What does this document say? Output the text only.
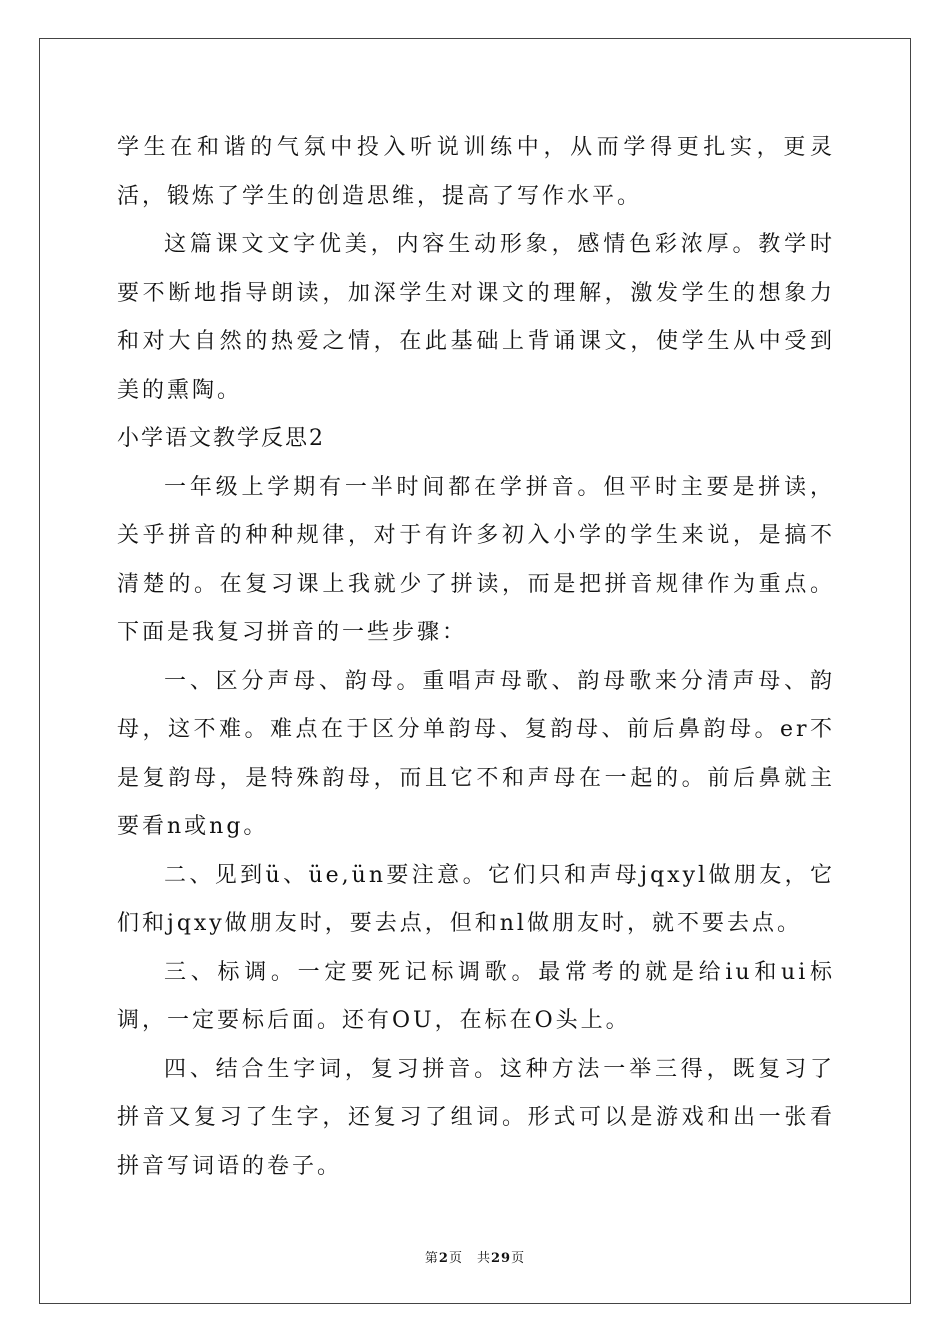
学生在和谐的气氛中投入听说训练中，从而学得更扎实，更灵活，锻炼了学生的创造思维，提高了写作水平。

这篇课文文字优美，内容生动形象，感情色彩浓厚。教学时要不断地指导朗读，加深学生对课文的理解，激发学生的想象力和对大自然的热爱之情，在此基础上背诵课文，使学生从中受到美的熏陶。

小学语文教学反思2

一年级上学期有一半时间都在学拼音。但平时主要是拼读，关乎拼音的种种规律，对于有许多初入小学的学生来说，是搞不清楚的。在复习课上我就少了拼读，而是把拼音规律作为重点。下面是我复习拼音的一些步骤：

一、区分声母、韵母。重唱声母歌、韵母歌来分清声母、韵母，这不难。难点在于区分单韵母、复韵母、前后鼻韵母。er不是复韵母，是特殊韵母，而且它不和声母在一起的。前后鼻就主要看n或ng。

二、见到ü、üe,ün要注意。它们只和声母jqxyl做朋友，它们和jqxy做朋友时，要去点，但和nl做朋友时，就不要去点。

三、标调。一定要死记标调歌。最常考的就是给iu和ui标调，一定要标后面。还有OU，在标在O头上。

四、结合生字词，复习拼音。这种方法一举三得，既复习了拼音又复习了生字，还复习了组词。形式可以是游戏和出一张看拼音写词语的卷子。

第2页　共29页
